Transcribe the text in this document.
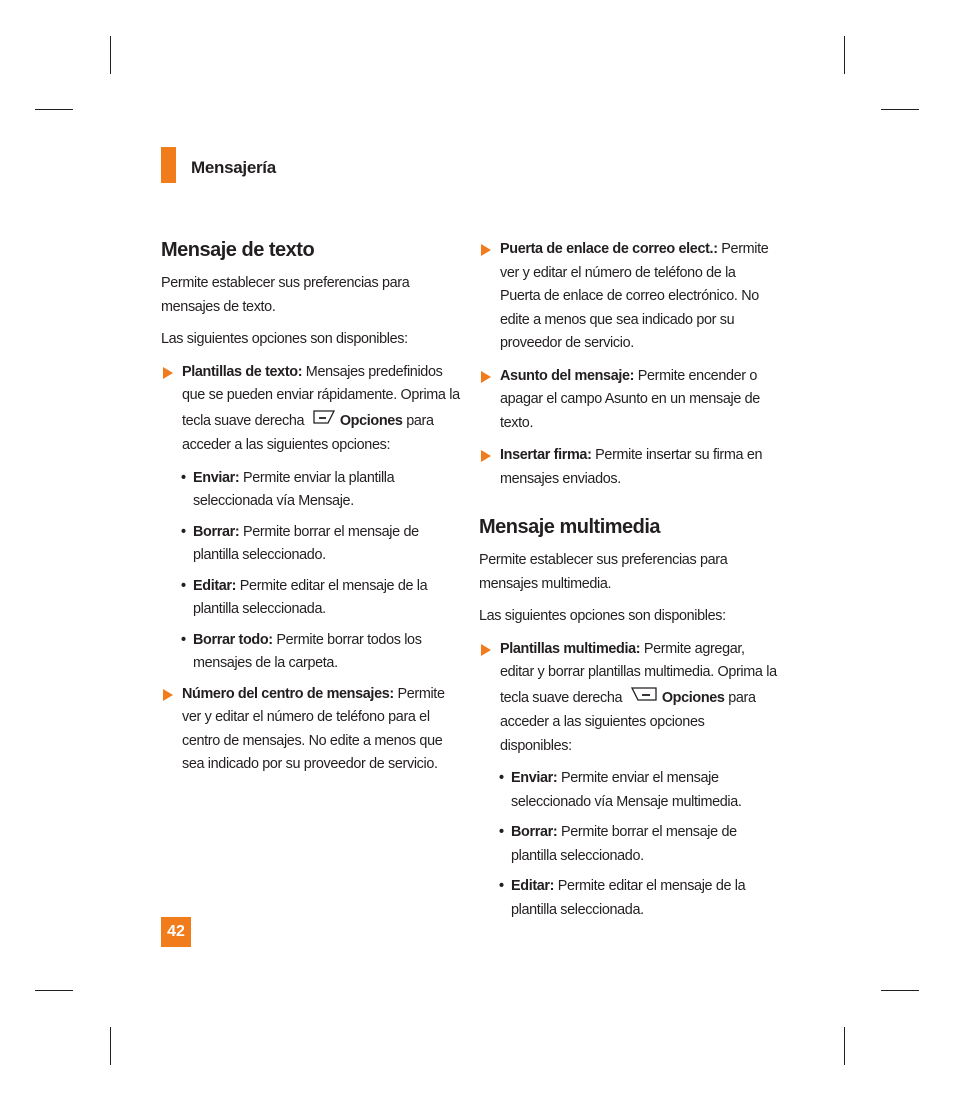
Mensajería
Mensaje de texto

Permite establecer sus preferencias para mensajes de texto.

Las siguientes opciones son disponibles:

Plantillas de texto: Mensajes predefinidos que se pueden enviar rápidamente. Oprima la tecla suave derecha Opciones para acceder a las siguientes opciones:
• Enviar: Permite enviar la plantilla seleccionada vía Mensaje.
• Borrar: Permite borrar el mensaje de plantilla seleccionado.
• Editar: Permite editar el mensaje de la plantilla seleccionada.
• Borrar todo: Permite borrar todos los mensajes de la carpeta.
Número del centro de mensajes: Permite ver y editar el número de teléfono para el centro de mensajes. No edite a menos que sea indicado por su proveedor de servicio.
Puerta de enlace de correo elect.: Permite ver y editar el número de teléfono de la Puerta de enlace de correo electrónico. No edite a menos que sea indicado por su proveedor de servicio.
Asunto del mensaje: Permite encender o apagar el campo Asunto en un mensaje de texto.
Insertar firma: Permite insertar su firma en mensajes enviados.
Mensaje multimedia

Permite establecer sus preferencias para mensajes multimedia.

Las siguientes opciones son disponibles:

Plantillas multimedia: Permite agregar, editar y borrar plantillas multimedia. Oprima la tecla suave derecha	Opciones para acceder a las siguientes opciones disponibles:
• Enviar: Permite enviar el mensaje seleccionado vía Mensaje multimedia.
• Borrar: Permite borrar el mensaje de plantilla seleccionado.
• Editar: Permite editar el mensaje de la plantilla seleccionada.
42
